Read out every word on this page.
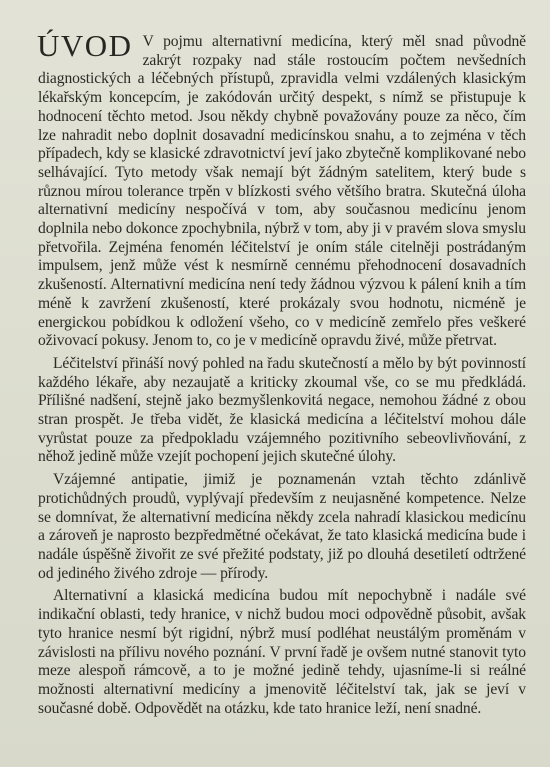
ÚVOD V pojmu alternativní medicína, který měl snad původně zakrýt rozpaky nad stále rostoucím počtem nevšedních diagnostických a léčebných přístupů, zpravidla velmi vzdálených klasickým lékařským koncepcím, je zakódován určitý despekt, s nímž se přistupuje k hodnocení těchto metod. Jsou někdy chybně považovány pouze za něco, čím lze nahradit nebo doplnit dosavadní medicínskou snahu, a to zejména v těch případech, kdy se klasické zdravotnictví jeví jako zbytečně komplikované nebo selhávající. Tyto metody však nemají být žádným satelitem, který bude s různou mírou tolerance trpěn v blízkosti svého většího bratra. Skutečná úloha alternativní medicíny nespočívá v tom, aby současnou medicínu jenom doplnila nebo dokonce zpochybnila, nýbrž v tom, aby ji v pravém slova smyslu přetvořila. Zejména fenomén léčitelství je oním stále citelněji postrádaným impulsem, jenž může vést k nesmírně cennému přehodnocení dosavadních zkušeností. Alternativní medicína není tedy žádnou výzvou k pálení knih a tím méně k zavržení zkušeností, které prokázaly svou hodnotu, nicméně je energickou pobídkou k odložení všeho, co v medicíně zemřelo přes veškeré oživovací pokusy. Jenom to, co je v medicíně opravdu živé, může přetrvat.

Léčitelství přináší nový pohled na řadu skutečností a mělo by být povinností každého lékaře, aby nezaujatě a kriticky zkoumal vše, co se mu předkládá. Přílišné nadšení, stejně jako bezmyšlenkovitá negace, nemohou žádné z obou stran prospět. Je třeba vidět, že klasická medicína a léčitelství mohou dále vyrůstat pouze za předpokladu vzájemného pozitivního sebeovlivňování, z něhož jedině může vzejít pochopení jejich skutečné úlohy.

Vzájemné antipatie, jimiž je poznamenán vztah těchto zdánlivě protichůdných proudů, vyplývají především z neujasněné kompetence. Nelze se domnívat, že alternativní medicína někdy zcela nahradí klasickou medicínu a zároveň je naprosto bezpředmětné očekávat, že tato klasická medicína bude i nadále úspěšně živořit ze své přežité podstaty, již po dlouhá desetiletí odtržené od jediného živého zdroje — přírody.

Alternativní a klasická medicína budou mít nepochybně i nadále své indikační oblasti, tedy hranice, v nichž budou moci odpovědně působit, avšak tyto hranice nesmí být rigidní, nýbrž musí podléhat neustálým proměnám v závislosti na přílivu nového poznání. V první řadě je ovšem nutné stanovit tyto meze alespoň rámcově, a to je možné jedině tehdy, ujasníme-li si reálné možnosti alternativní medicíny a jmenovitě léčitelství tak, jak se jeví v současné době. Odpovědět na otázku, kde tato hranice leží, není snadné.
